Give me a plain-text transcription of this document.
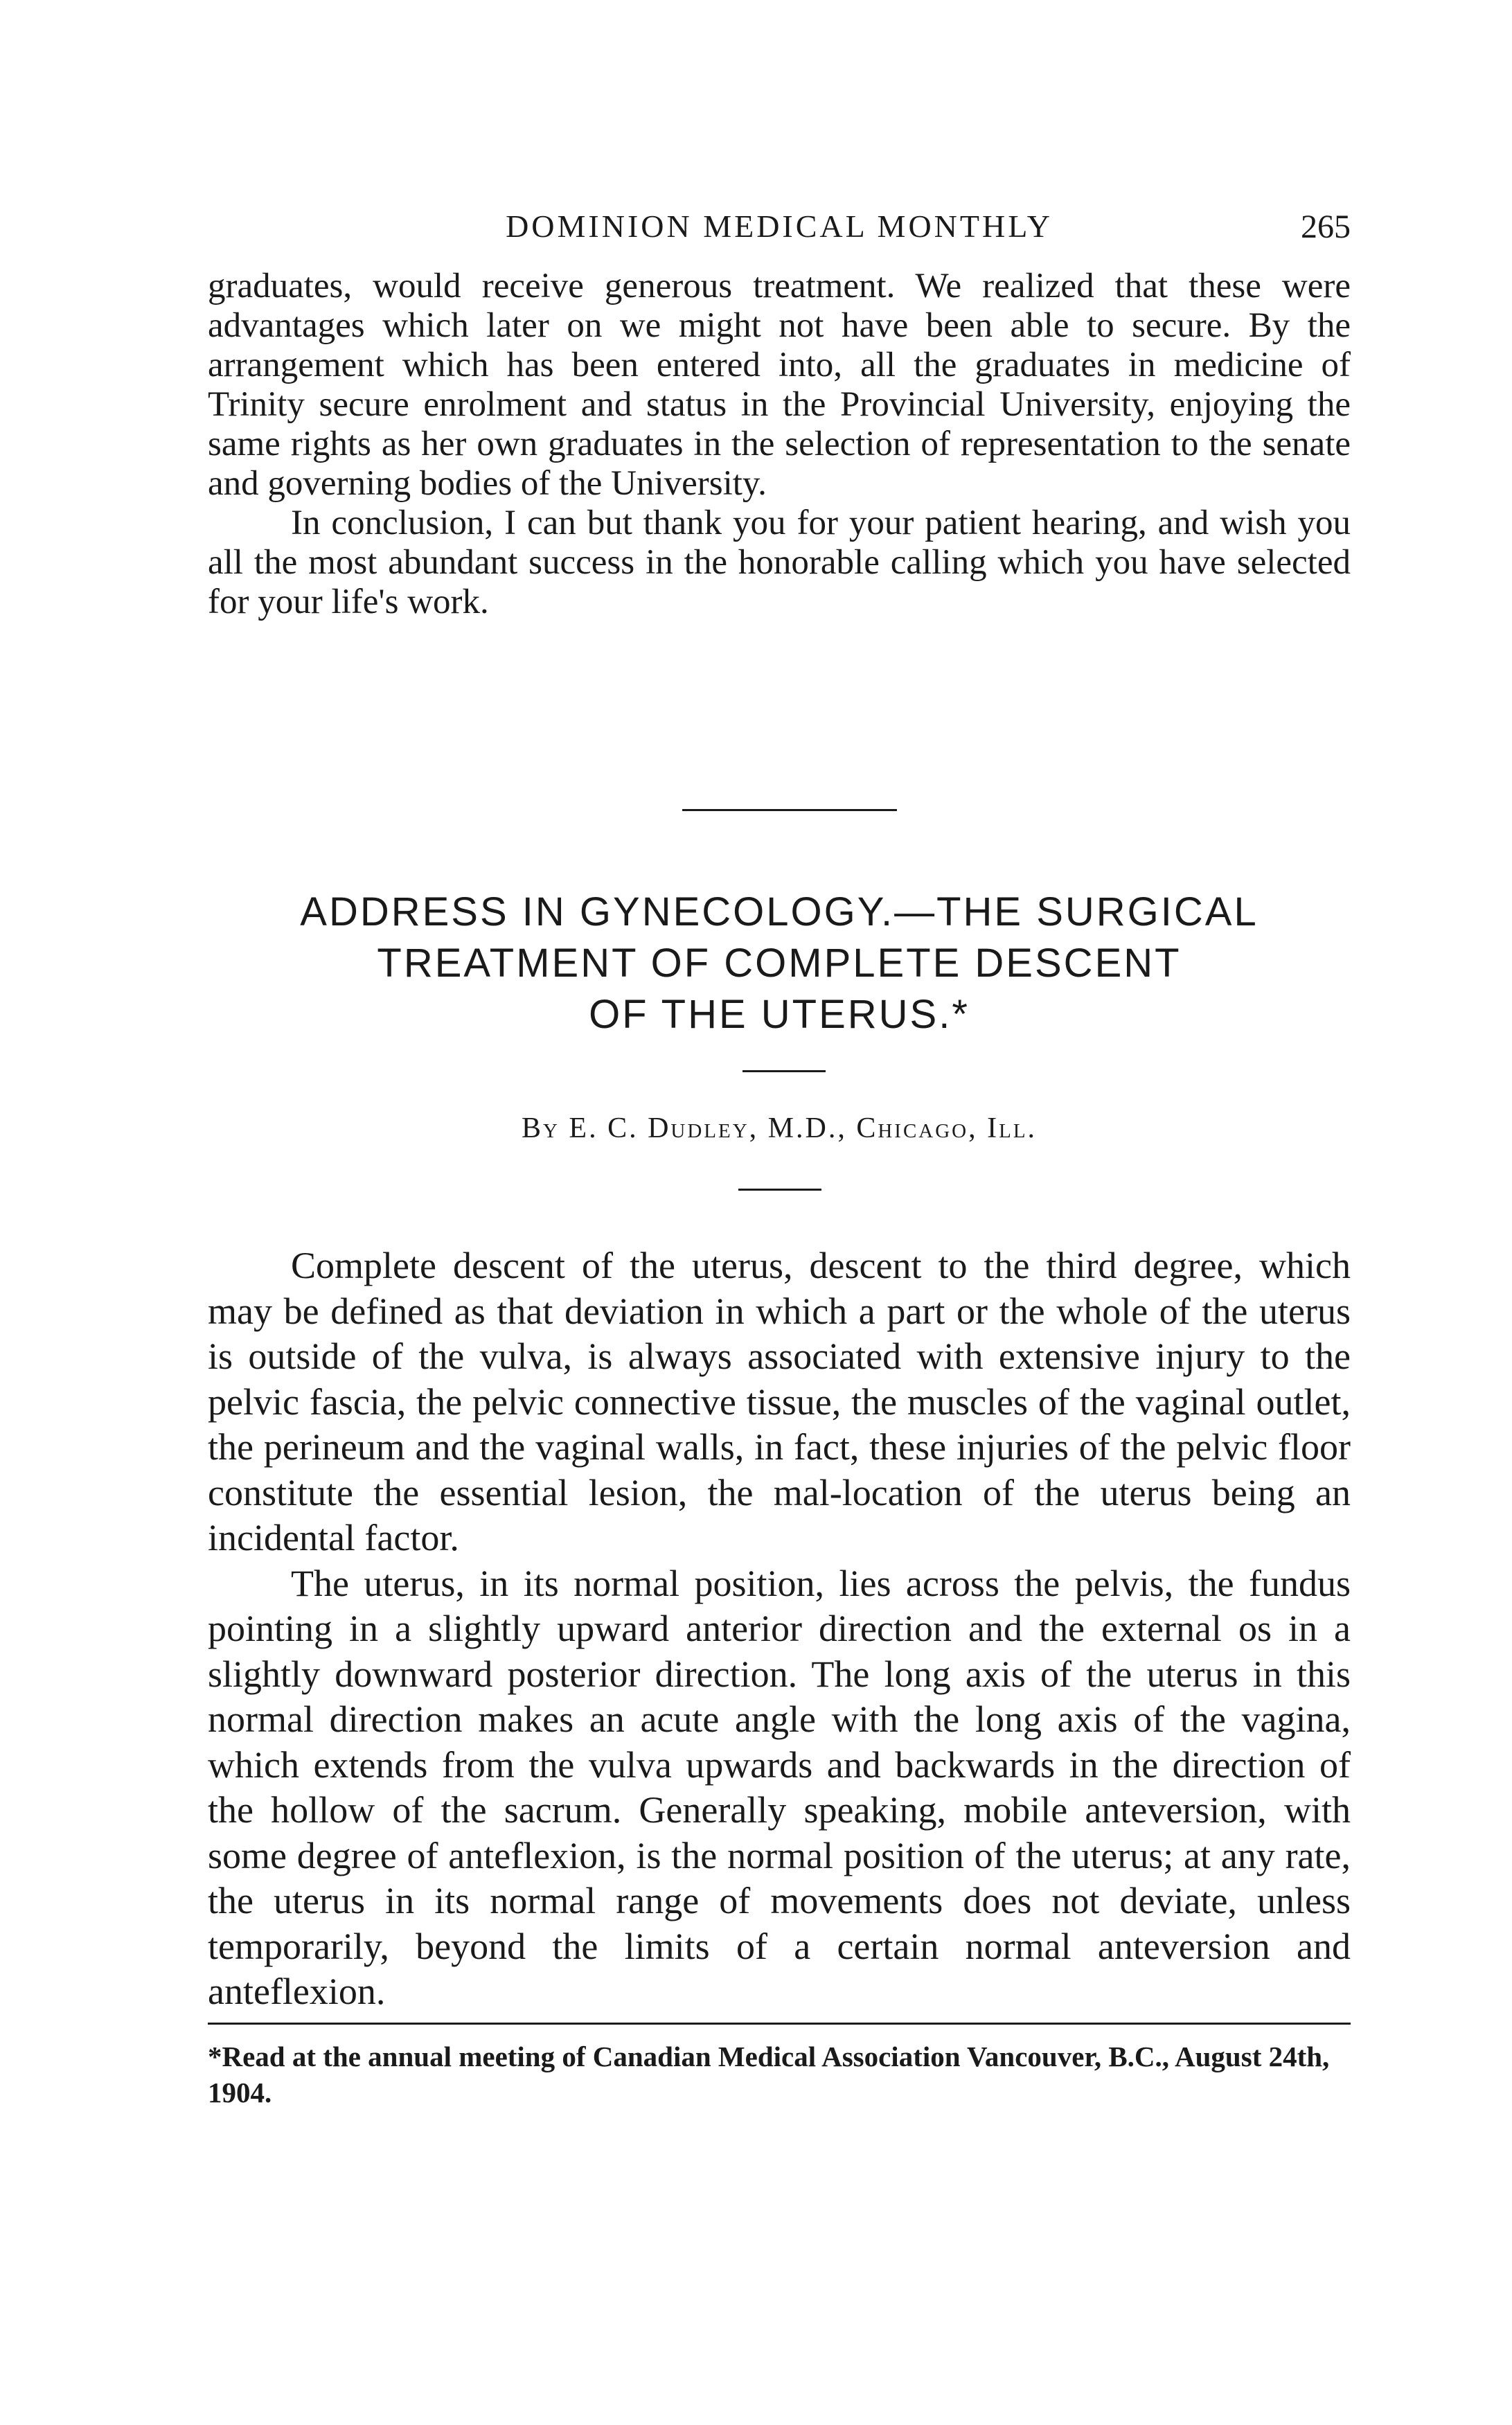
DOMINION MEDICAL MONTHLY	265

graduates, would receive generous treatment. We realized that these were advantages which later on we might not have been able to secure. By the arrangement which has been entered into, all the graduates in medicine of Trinity secure enrolment and status in the Provincial University, enjoying the same rights as her own graduates in the selection of representation to the senate and governing bodies of the University.

In conclusion, I can but thank you for your patient hearing, and wish you all the most abundant success in the honorable calling which you have selected for your life's work.

ADDRESS IN GYNECOLOGY.—THE SURGICAL
TREATMENT OF COMPLETE DESCENT
OF THE UTERUS.*
By E. C. Dudley, M.D., Chicago, Ill.

Complete descent of the uterus, descent to the third degree, which may be defined as that deviation in which a part or the whole of the uterus is outside of the vulva, is always associated with extensive injury to the pelvic fascia, the pelvic connective tissue, the muscles of the vaginal outlet, the perineum and the vaginal walls, in fact, these injuries of the pelvic floor constitute the essential lesion, the mal-location of the uterus being an incidental factor.

The uterus, in its normal position, lies across the pelvis, the fundus pointing in a slightly upward anterior direction and the external os in a slightly downward posterior direction. The long axis of the uterus in this normal direction makes an acute angle with the long axis of the vagina, which extends from the vulva upwards and backwards in the direction of the hollow of the sacrum. Generally speaking, mobile anteversion, with some degree of anteflexion, is the normal position of the uterus; at any rate, the uterus in its normal range of movements does not deviate, unless temporarily, beyond the limits of a certain normal anteversion and anteflexion.

*Read at the annual meeting of Canadian Medical Association Vancouver, B.C., August 24th, 1904.
